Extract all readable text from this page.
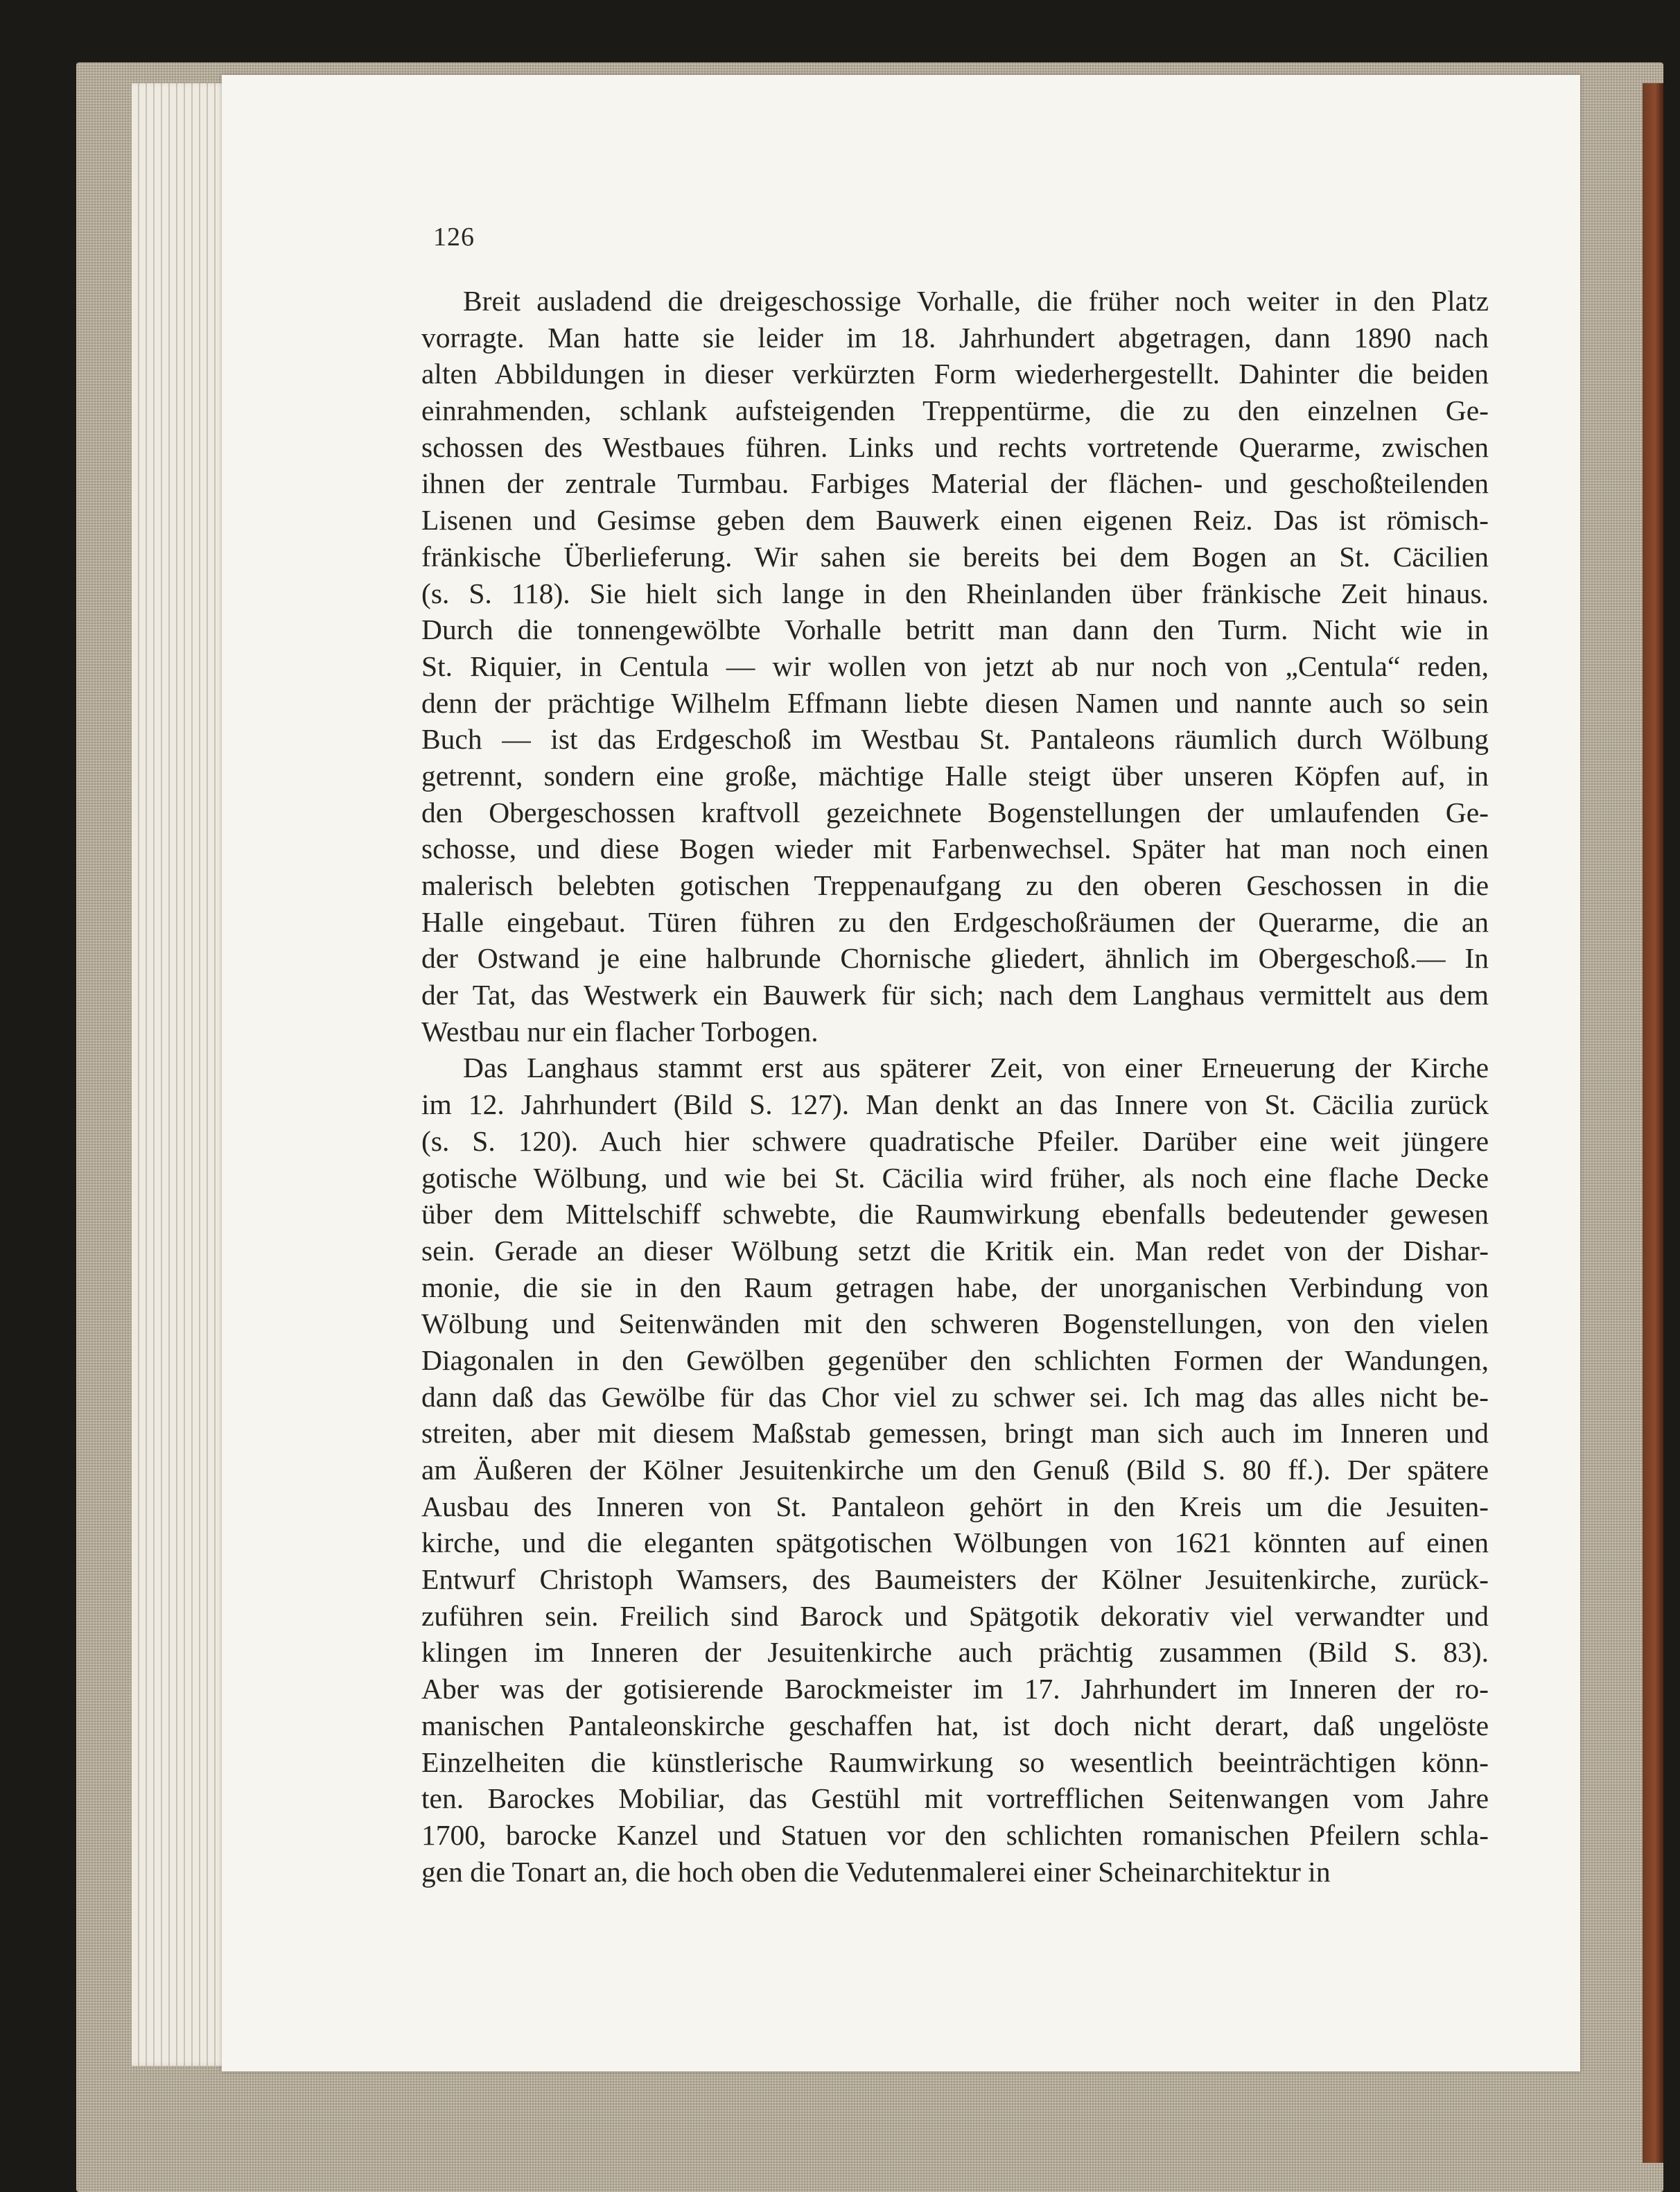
126
Breit ausladend die dreigeschossige Vorhalle, die früher noch weiter in den Platz
vorragte. Man hatte sie leider im 18. Jahrhundert abgetragen, dann 1890 nach
alten Abbildungen in dieser verkürzten Form wiederhergestellt. Dahinter die beiden
einrahmenden, schlank aufsteigenden Treppentürme, die zu den einzelnen Ge-
schossen des Westbaues führen. Links und rechts vortretende Querarme, zwischen
ihnen der zentrale Turmbau. Farbiges Material der flächen- und geschoßteilenden
Lisenen und Gesimse geben dem Bauwerk einen eigenen Reiz. Das ist römisch-
fränkische Überlieferung. Wir sahen sie bereits bei dem Bogen an St. Cäcilien
(s. S. 118). Sie hielt sich lange in den Rheinlanden über fränkische Zeit hinaus.
Durch die tonnengewölbte Vorhalle betritt man dann den Turm. Nicht wie in
St. Riquier, in Centula — wir wollen von jetzt ab nur noch von „Centula“ reden,
denn der prächtige Wilhelm Effmann liebte diesen Namen und nannte auch so sein
Buch — ist das Erdgeschoß im Westbau St. Pantaleons räumlich durch Wölbung
getrennt, sondern eine große, mächtige Halle steigt über unseren Köpfen auf, in
den Obergeschossen kraftvoll gezeichnete Bogenstellungen der umlaufenden Ge-
schosse, und diese Bogen wieder mit Farbenwechsel. Später hat man noch einen
malerisch belebten gotischen Treppenaufgang zu den oberen Geschossen in die
Halle eingebaut. Türen führen zu den Erdgeschoßräumen der Querarme, die an
der Ostwand je eine halbrunde Chornische gliedert, ähnlich im Obergeschoß.— In
der Tat, das Westwerk ein Bauwerk für sich; nach dem Langhaus vermittelt aus dem
Westbau nur ein flacher Torbogen.
Das Langhaus stammt erst aus späterer Zeit, von einer Erneuerung der Kirche
im 12. Jahrhundert (Bild S. 127). Man denkt an das Innere von St. Cäcilia zurück
(s. S. 120). Auch hier schwere quadratische Pfeiler. Darüber eine weit jüngere
gotische Wölbung, und wie bei St. Cäcilia wird früher, als noch eine flache Decke
über dem Mittelschiff schwebte, die Raumwirkung ebenfalls bedeutender gewesen
sein. Gerade an dieser Wölbung setzt die Kritik ein. Man redet von der Dishar-
monie, die sie in den Raum getragen habe, der unorganischen Verbindung von
Wölbung und Seitenwänden mit den schweren Bogenstellungen, von den vielen
Diagonalen in den Gewölben gegenüber den schlichten Formen der Wandungen,
dann daß das Gewölbe für das Chor viel zu schwer sei. Ich mag das alles nicht be-
streiten, aber mit diesem Maßstab gemessen, bringt man sich auch im Inneren und
am Äußeren der Kölner Jesuitenkirche um den Genuß (Bild S. 80 ff.). Der spätere
Ausbau des Inneren von St. Pantaleon gehört in den Kreis um die Jesuiten-
kirche, und die eleganten spätgotischen Wölbungen von 1621 könnten auf einen
Entwurf Christoph Wamsers, des Baumeisters der Kölner Jesuitenkirche, zurück-
zuführen sein. Freilich sind Barock und Spätgotik dekorativ viel verwandter und
klingen im Inneren der Jesuitenkirche auch prächtig zusammen (Bild S. 83).
Aber was der gotisierende Barockmeister im 17. Jahrhundert im Inneren der ro-
manischen Pantaleonskirche geschaffen hat, ist doch nicht derart, daß ungelöste
Einzelheiten die künstlerische Raumwirkung so wesentlich beeinträchtigen könn-
ten. Barockes Mobiliar, das Gestühl mit vortrefflichen Seitenwangen vom Jahre
1700, barocke Kanzel und Statuen vor den schlichten romanischen Pfeilern schla-
gen die Tonart an, die hoch oben die Vedutenmalerei einer Scheinarchitektur in
